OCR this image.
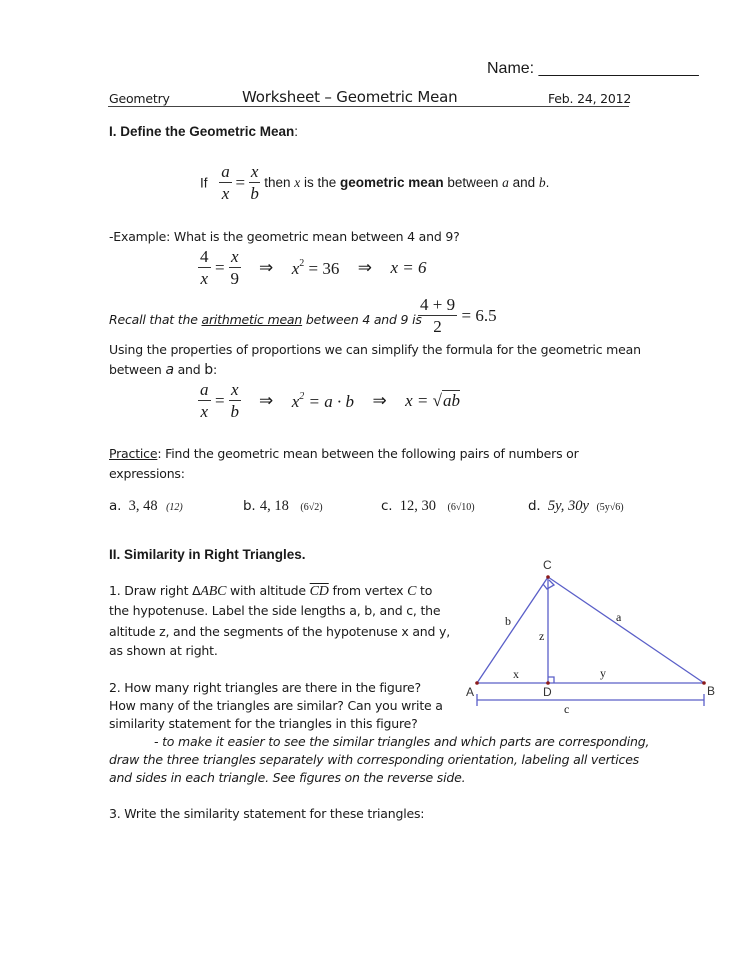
Name: __________________
Geometry	Worksheet – Geometric Mean	Feb. 24, 2012
I. Define the Geometric Mean:
If $\frac{a}{x} = \frac{x}{b}$ then x is the geometric mean between a and b.
-Example: What is the geometric mean between 4 and 9?
$\frac{4}{x} = \frac{x}{9}$ ⇒ $x^2 = 36$ ⇒ x = 6
Recall that the arithmetic mean between 4 and 9 is
$\frac{4 + 9}{2} = 6.5$
Using the properties of proportions we can simplify the formula for the geometric mean
between a and b:
$\frac{a}{x} = \frac{x}{b}$ ⇒ $x^2 = a \cdot b$ ⇒ x = √ab
Practice: Find the geometric mean between the following pairs of numbers or
expressions:
a. 3, 48 (12)	b. 4, 18 (6√2)	c. 12, 30 (6√10)	d. 5y, 30y (5y√6)
II. Similarity in Right Triangles.
1. Draw right ΔABC with altitude $\overline{CD}$ from vertex C to
the hypotenuse. Label the side lengths a, b, and c, the
altitude z, and the segments of the hypotenuse x and y,
as shown at right.
2. How many right triangles are there in the figure?
How many of the triangles are similar? Can you write a
similarity statement for the triangles in this figure?
- to make it easier to see the similar triangles and which parts are corresponding,
draw the three triangles separately with corresponding orientation, labeling all vertices
and sides in each triangle. See figures on the reverse side.
3. Write the similarity statement for these triangles:
C
A	D	B
b	a
z
x	y
c
